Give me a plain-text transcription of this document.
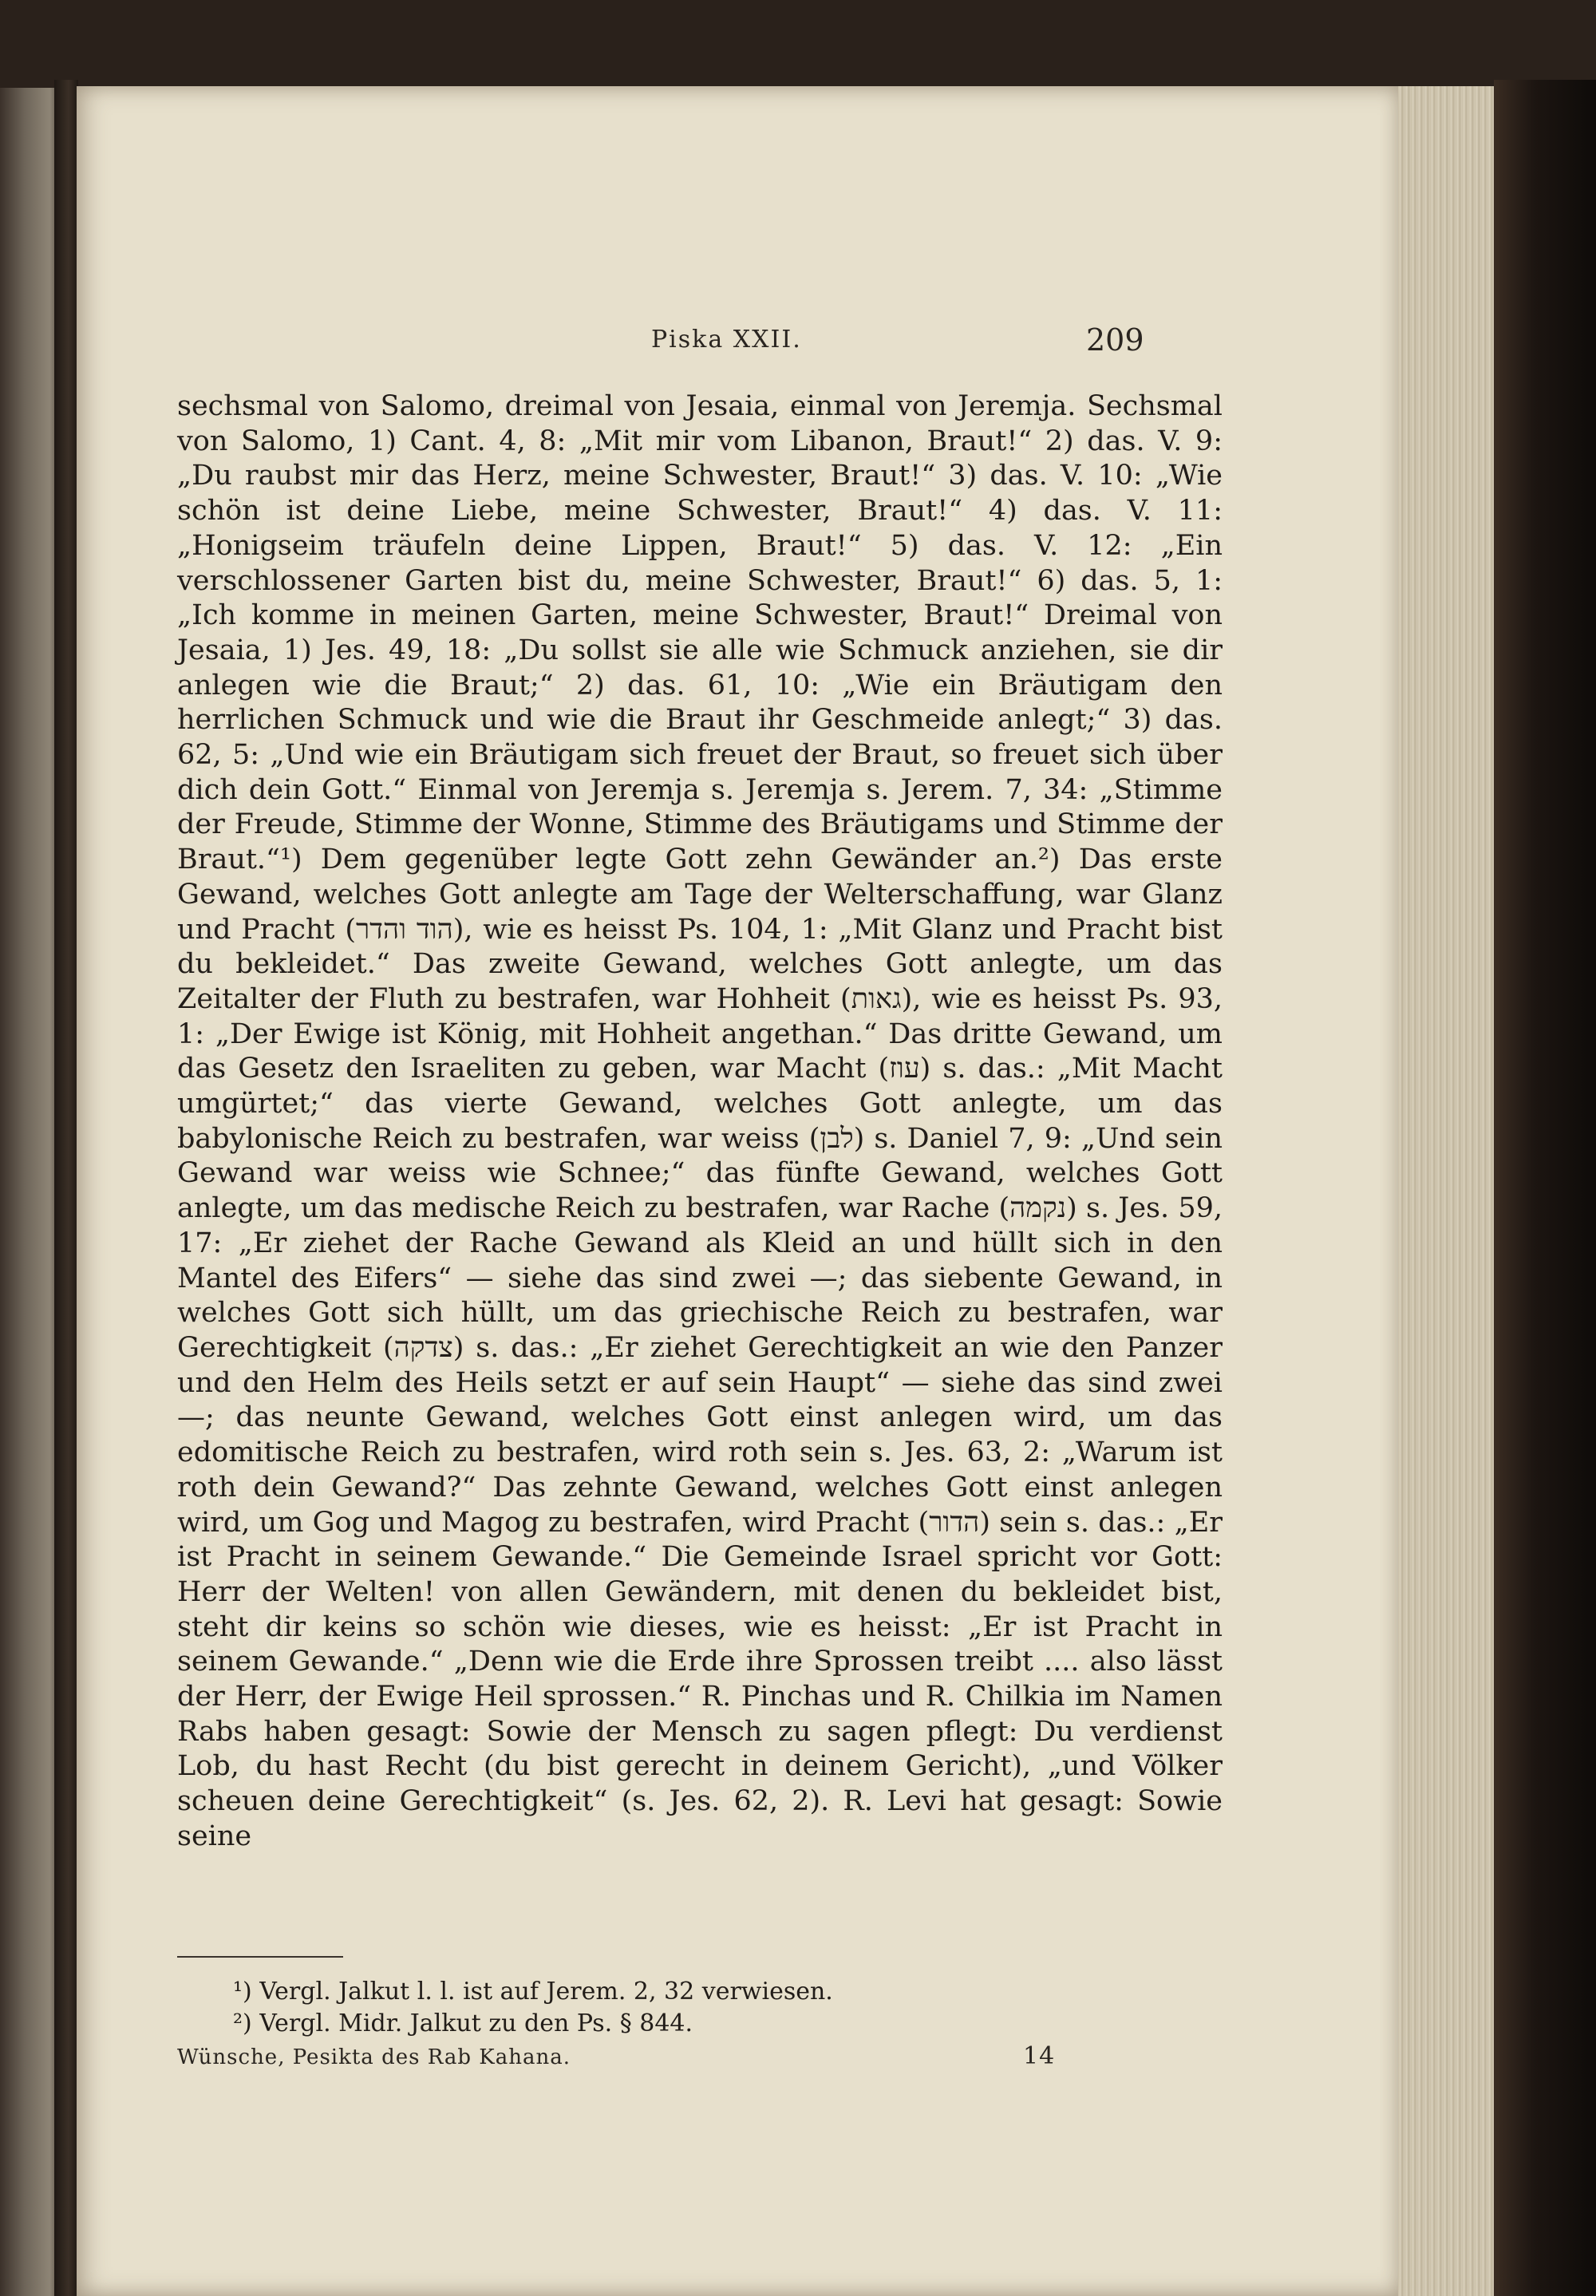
Piska XXII.	209

sechsmal von Salomo, dreimal von Jesaia, einmal von Jeremja. Sechsmal von Salomo, 1) Cant. 4, 8: „Mit mir vom Libanon, Braut!“ 2) das. V. 9: „Du raubst mir das Herz, meine Schwester, Braut!“ 3) das. V. 10: „Wie schön ist deine Liebe, meine Schwester, Braut!“ 4) das. V. 11: „Honigseim träufeln deine Lippen, Braut!“ 5) das. V. 12: „Ein verschlossener Garten bist du, meine Schwester, Braut!“ 6) das. 5, 1: „Ich komme in meinen Garten, meine Schwester, Braut!“ Dreimal von Jesaia, 1) Jes. 49, 18: „Du sollst sie alle wie Schmuck anziehen, sie dir anlegen wie die Braut;“ 2) das. 61, 10: „Wie ein Bräutigam den herrlichen Schmuck und wie die Braut ihr Geschmeide anlegt;“ 3) das. 62, 5: „Und wie ein Bräutigam sich freuet der Braut, so freuet sich über dich dein Gott.“ Einmal von Jeremja s. Jeremja s. Jerem. 7, 34: „Stimme der Freude, Stimme der Wonne, Stimme des Bräutigams und Stimme der Braut.“¹) Dem gegenüber legte Gott zehn Gewänder an.²) Das erste Gewand, welches Gott anlegte am Tage der Welterschaffung, war Glanz und Pracht (הוד והדר), wie es heisst Ps. 104, 1: „Mit Glanz und Pracht bist du bekleidet.“ Das zweite Gewand, welches Gott anlegte, um das Zeitalter der Fluth zu bestrafen, war Hohheit (גאות), wie es heisst Ps. 93, 1: „Der Ewige ist König, mit Hohheit angethan.“ Das dritte Gewand, um das Gesetz den Israeliten zu geben, war Macht (עוז) s. das.: „Mit Macht umgürtet;“ das vierte Gewand, welches Gott anlegte, um das babylonische Reich zu bestrafen, war weiss (לבן) s. Daniel 7, 9: „Und sein Gewand war weiss wie Schnee;“ das fünfte Gewand, welches Gott anlegte, um das medische Reich zu bestrafen, war Rache (נקמה) s. Jes. 59, 17: „Er ziehet der Rache Gewand als Kleid an und hüllt sich in den Mantel des Eifers“ — siehe das sind zwei —; das siebente Gewand, in welches Gott sich hüllt, um das griechische Reich zu bestrafen, war Gerechtigkeit (צדקה) s. das.: „Er ziehet Gerechtigkeit an wie den Panzer und den Helm des Heils setzt er auf sein Haupt“ — siehe das sind zwei —; das neunte Gewand, welches Gott einst anlegen wird, um das edomitische Reich zu bestrafen, wird roth sein s. Jes. 63, 2: „Warum ist roth dein Gewand?“ Das zehnte Gewand, welches Gott einst anlegen wird, um Gog und Magog zu bestrafen, wird Pracht (הדור) sein s. das.: „Er ist Pracht in seinem Gewande.“ Die Gemeinde Israel spricht vor Gott: Herr der Welten! von allen Gewändern, mit denen du bekleidet bist, steht dir keins so schön wie dieses, wie es heisst: „Er ist Pracht in seinem Gewande.“ „Denn wie die Erde ihre Sprossen treibt .... also lässt der Herr, der Ewige Heil sprossen.“ R. Pinchas und R. Chilkia im Namen Rabs haben gesagt: Sowie der Mensch zu sagen pflegt: Du verdienst Lob, du hast Recht (du bist gerecht in deinem Gericht), „und Völker scheuen deine Gerechtigkeit“ (s. Jes. 62, 2). R. Levi hat gesagt: Sowie seine

¹) Vergl. Jalkut l. l. ist auf Jerem. 2, 32 verwiesen.
²) Vergl. Midr. Jalkut zu den Ps. § 844.
Wünsche, Pesikta des Rab Kahana.	14
